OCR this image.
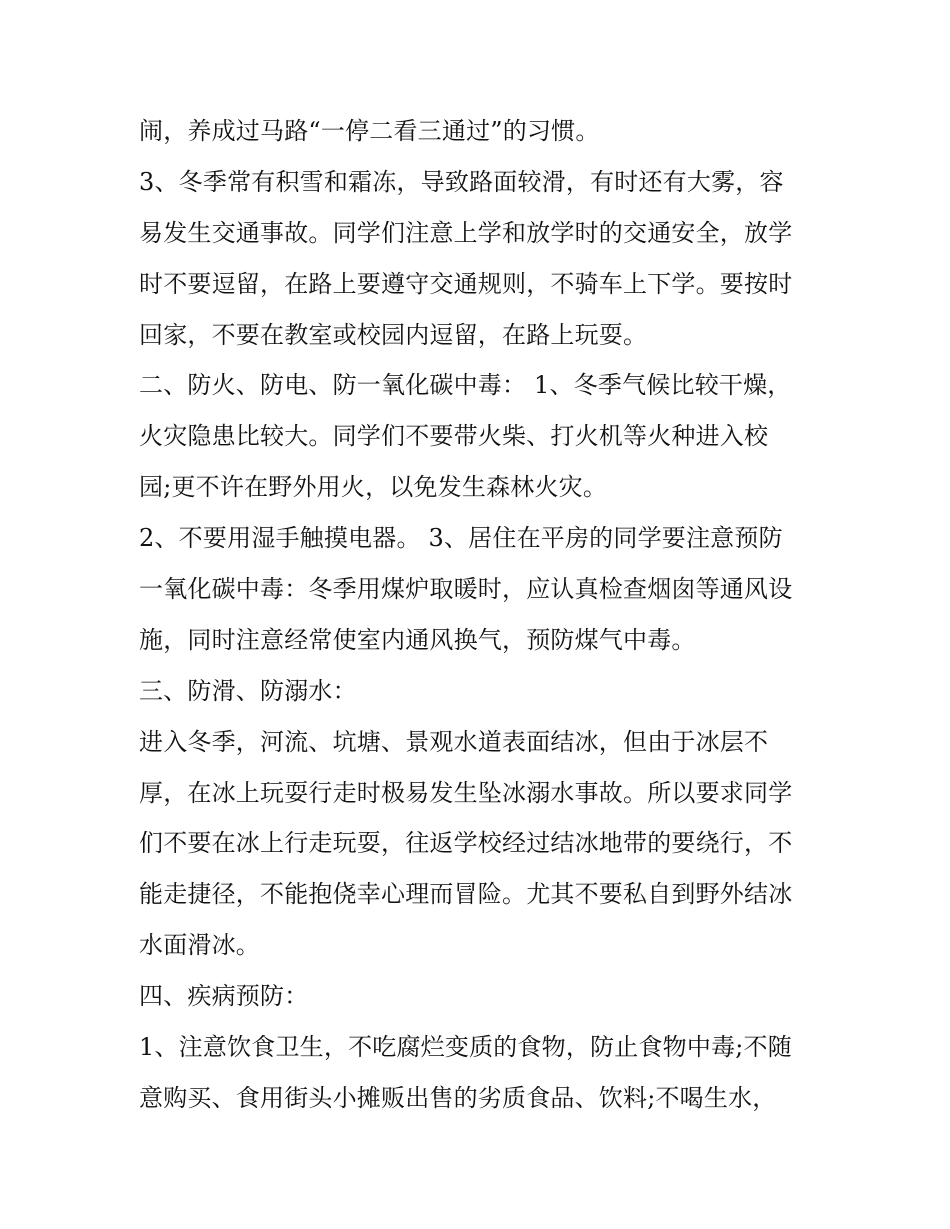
闹，养成过马路“一停二看三通过”的习惯。
3、冬季常有积雪和霜冻，导致路面较滑，有时还有大雾，容
易发生交通事故。同学们注意上学和放学时的交通安全，放学
时不要逗留，在路上要遵守交通规则，不骑车上下学。要按时
回家，不要在教室或校园内逗留，在路上玩耍。
二、防火、防电、防一氧化碳中毒： 1、冬季气候比较干燥，
火灾隐患比较大。同学们不要带火柴、打火机等火种进入校
园;更不许在野外用火，以免发生森林火灾。
2、不要用湿手触摸电器。 3、居住在平房的同学要注意预防
一氧化碳中毒：冬季用煤炉取暖时，应认真检查烟囱等通风设
施，同时注意经常使室内通风换气，预防煤气中毒。
三、防滑、防溺水：
进入冬季，河流、坑塘、景观水道表面结冰，但由于冰层不
厚，在冰上玩耍行走时极易发生坠冰溺水事故。所以要求同学
们不要在冰上行走玩耍，往返学校经过结冰地带的要绕行，不
能走捷径，不能抱侥幸心理而冒险。尤其不要私自到野外结冰
水面滑冰。
四、疾病预防：
1、注意饮食卫生，不吃腐烂变质的食物，防止食物中毒;不随
意购买、食用街头小摊贩出售的劣质食品、饮料;不喝生水，
